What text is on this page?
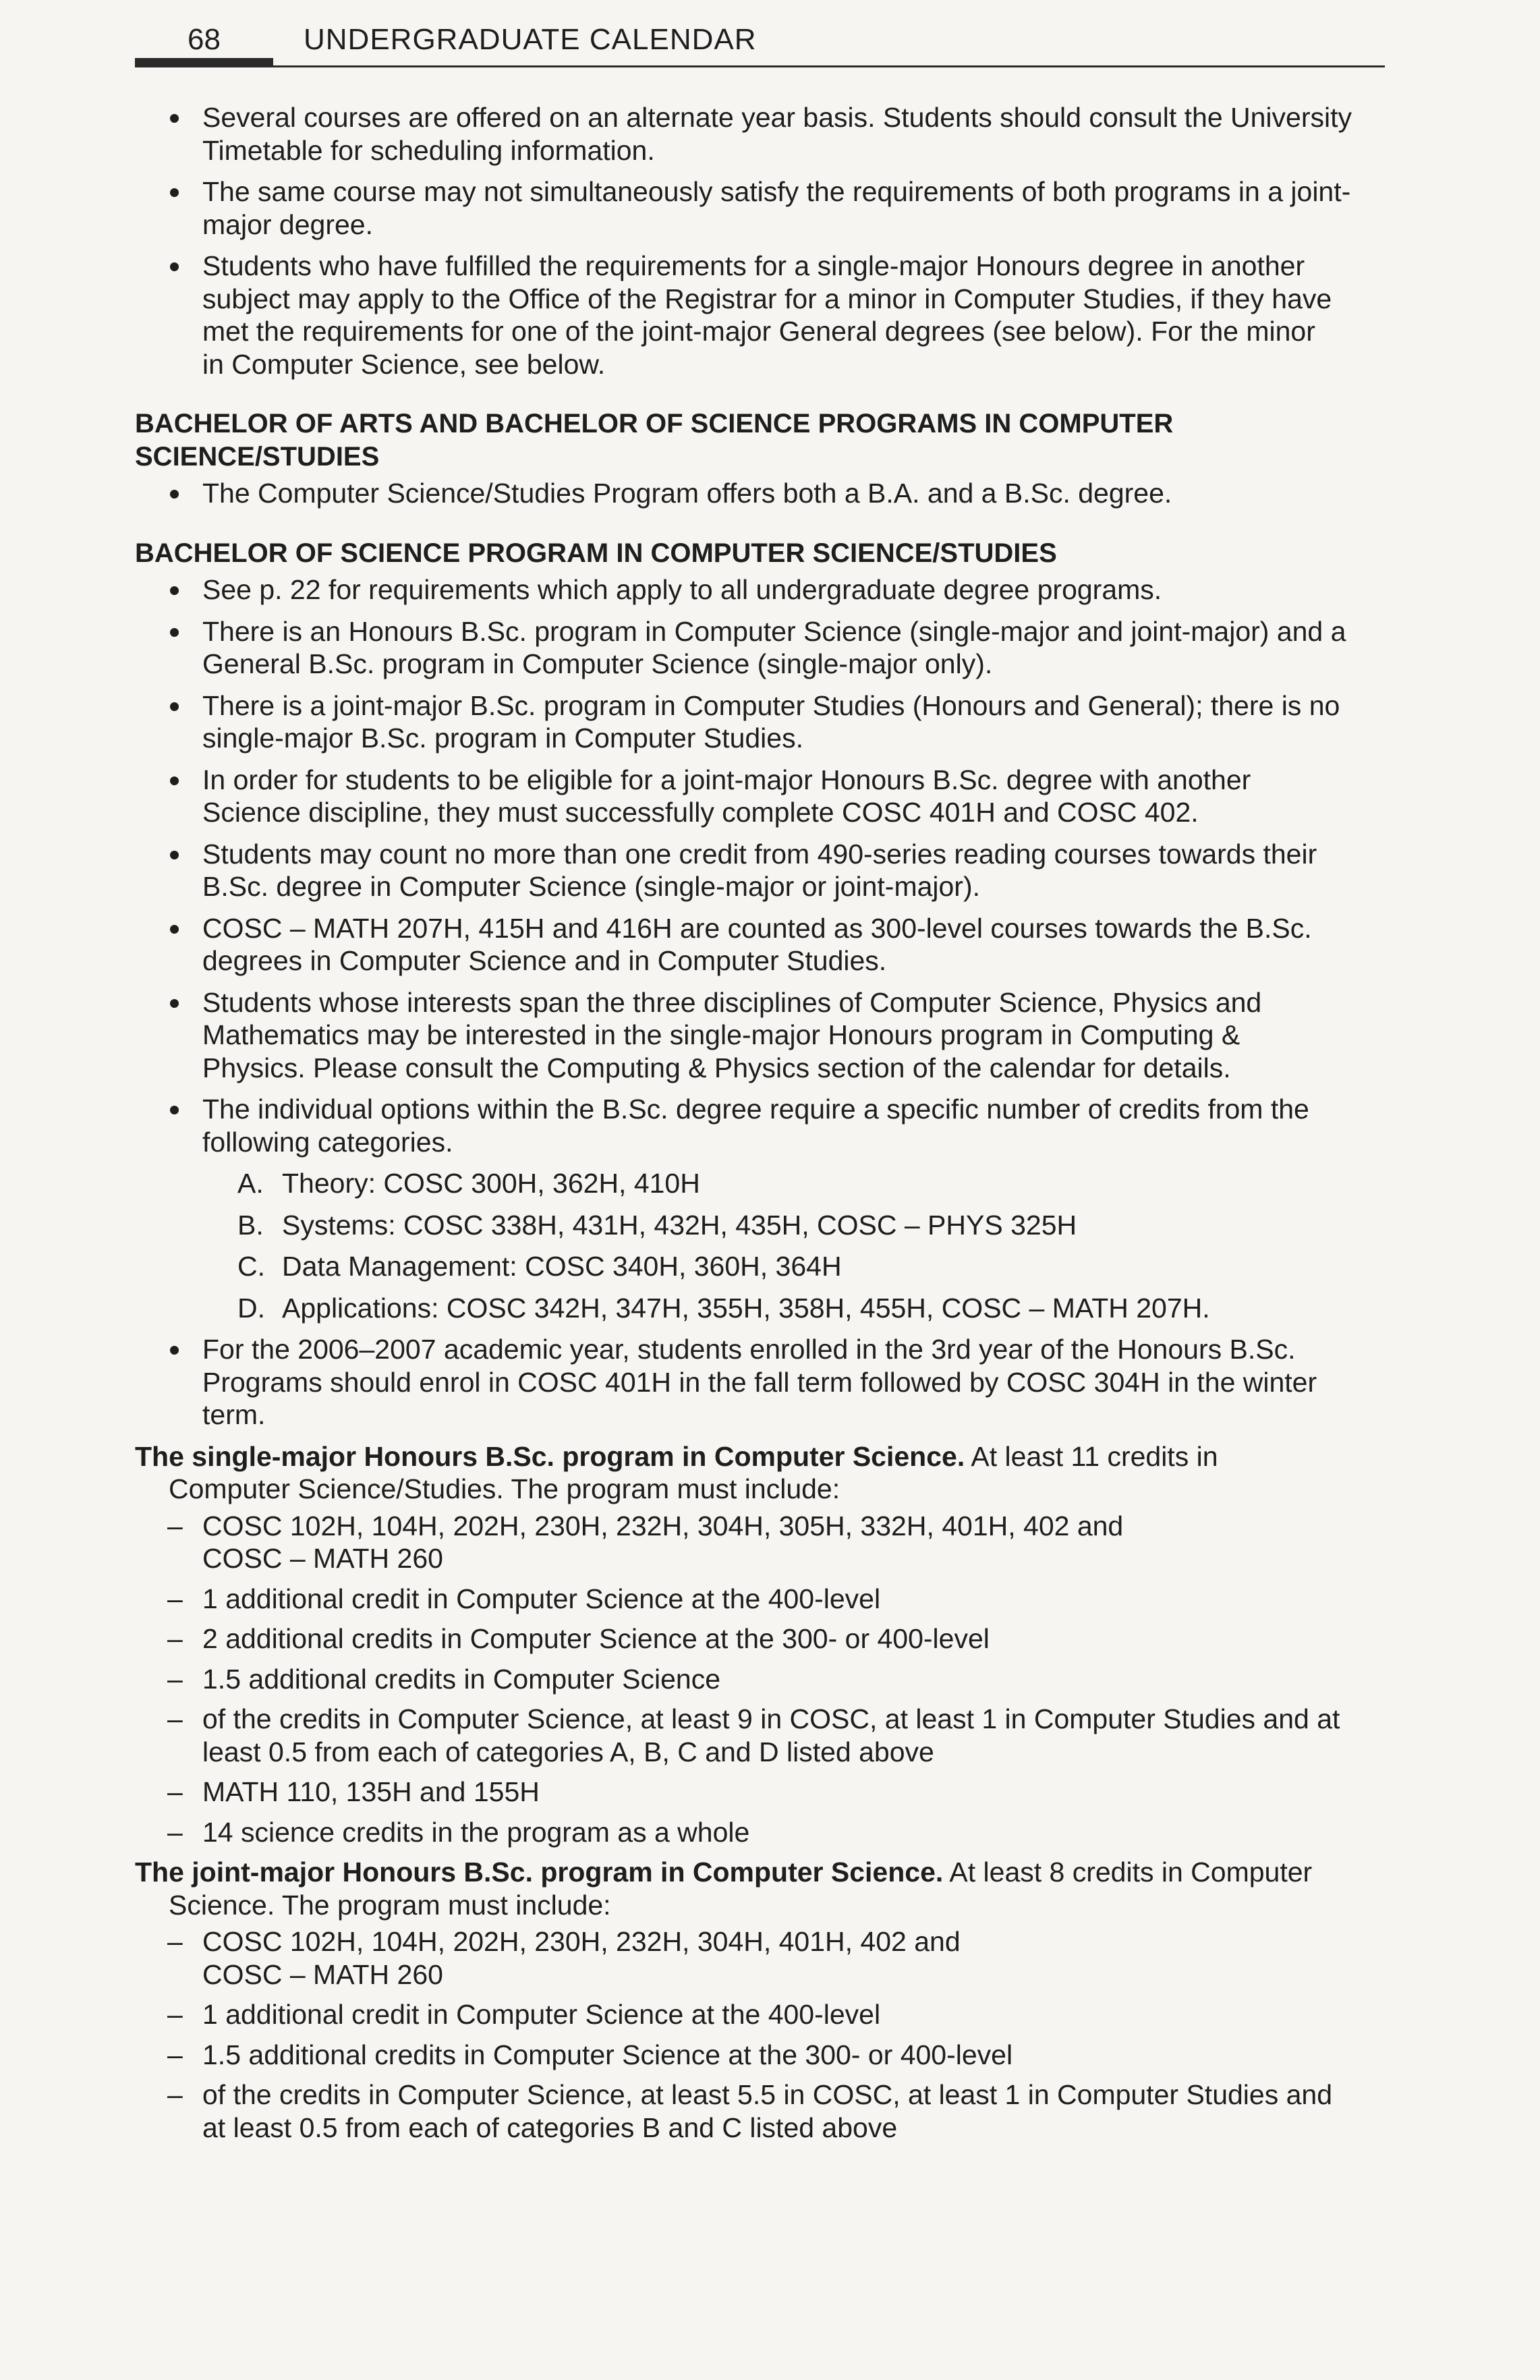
68	UNDERGRADUATE CALENDAR
Several courses are offered on an alternate year basis. Students should consult the University
Timetable for scheduling information.
The same course may not simultaneously satisfy the requirements of both programs in a joint-
major degree.
Students who have fulfilled the requirements for a single-major Honours degree in another
subject may apply to the Office of the Registrar for a minor in Computer Studies, if they have
met the requirements for one of the joint-major General degrees (see below). For the minor
in Computer Science, see below.
BACHELOR OF ARTS AND BACHELOR OF SCIENCE PROGRAMS IN COMPUTER
SCIENCE/STUDIES
The Computer Science/Studies Program offers both a B.A. and a B.Sc. degree.
BACHELOR OF SCIENCE PROGRAM IN COMPUTER SCIENCE/STUDIES
See p. 22 for requirements which apply to all undergraduate degree programs.
There is an Honours B.Sc. program in Computer Science (single-major and joint-major) and a
General B.Sc. program in Computer Science (single-major only).
There is a joint-major B.Sc. program in Computer Studies (Honours and General); there is no
single-major B.Sc. program in Computer Studies.
In order for students to be eligible for a joint-major Honours B.Sc. degree with another
Science discipline, they must successfully complete COSC 401H and COSC 402.
Students may count no more than one credit from 490-series reading courses towards their
B.Sc. degree in Computer Science (single-major or joint-major).
COSC – MATH 207H, 415H and 416H are counted as 300-level courses towards the B.Sc.
degrees in Computer Science and in Computer Studies.
Students whose interests span the three disciplines of Computer Science, Physics and
Mathematics may be interested in the single-major Honours program in Computing &
Physics. Please consult the Computing & Physics section of the calendar for details.
The individual options within the B.Sc. degree require a specific number of credits from the
following categories.
A. Theory: COSC 300H, 362H, 410H
B. Systems: COSC 338H, 431H, 432H, 435H, COSC – PHYS 325H
C. Data Management: COSC 340H, 360H, 364H
D. Applications: COSC 342H, 347H, 355H, 358H, 455H, COSC – MATH 207H.
For the 2006–2007 academic year, students enrolled in the 3rd year of the Honours B.Sc.
Programs should enrol in COSC 401H in the fall term followed by COSC 304H in the winter
term.
The single-major Honours B.Sc. program in Computer Science. At least 11 credits in
Computer Science/Studies. The program must include:
– COSC 102H, 104H, 202H, 230H, 232H, 304H, 305H, 332H, 401H, 402 and
COSC – MATH 260
– 1 additional credit in Computer Science at the 400-level
– 2 additional credits in Computer Science at the 300- or 400-level
– 1.5 additional credits in Computer Science
– of the credits in Computer Science, at least 9 in COSC, at least 1 in Computer Studies and at
least 0.5 from each of categories A, B, C and D listed above
– MATH 110, 135H and 155H
– 14 science credits in the program as a whole
The joint-major Honours B.Sc. program in Computer Science. At least 8 credits in Computer
Science. The program must include:
– COSC 102H, 104H, 202H, 230H, 232H, 304H, 401H, 402 and
COSC – MATH 260
– 1 additional credit in Computer Science at the 400-level
– 1.5 additional credits in Computer Science at the 300- or 400-level
– of the credits in Computer Science, at least 5.5 in COSC, at least 1 in Computer Studies and
at least 0.5 from each of categories B and C listed above
